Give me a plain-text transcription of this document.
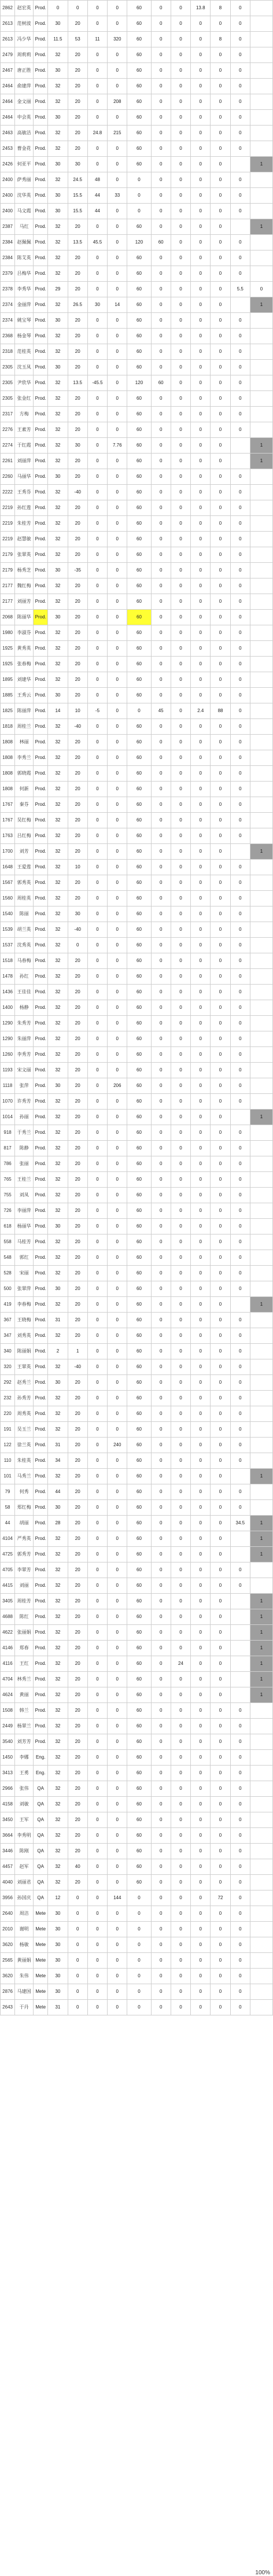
2862	赵宏英	Prod.	0	0	0	0	60	0	0	13.8	8	0	
2613	范树波	Prod.	30	20	0	0	60	0	0	0	0	0	
2613	冯少华	Prod.	11.5	53	11	320	60	0	0	0	8	0	
2479	周莉莉	Prod.	32	20	0	0	60	0	0	0	0	0	
2467	唐正胜	Prod.	30	20	0	0	60	0	0	0	0	0	
2464	俞建萍	Prod.	32	20	0	0	60	0	0	0	0	0	
2464	金文丽	Prod.	32	20	0	208	60	0	0	0	0	0	
2464	申会英	Prod.	30	20	0	0	60	0	0	0	0	0	
2463	高敏洁	Prod.	32	20	24.8	215	60	0	0	0	0	0	
2453	曹金花	Prod.	32	20	0	0	60	0	0	0	0	0	
2426	何亚平	Prod.	30	30	0	0	60	0	0	0	0		1
2400	萨秀丽	Prod.	32	24.5	48	0	0	0	0	0	0	0	
2400	沈华英	Prod.	30	15.5	44	33	0	0	0	0	0	0	
2400	马文霞	Prod.	30	15.5	44	0	0	0	0	0	0	0	
2387	马红	Prod.	32	20	0	0	60	0	0	0	0		1
2384	赵佩佩	Prod.	32	13.5	45.5	0	120	60	0	0	0	0	
2384	陈艾英	Prod.	32	20	0	0	60	0	0	0	0	0	
2379	吕梅华	Prod.	32	20	0	0	60	0	0	0	0	0	
2378	李秀华	Prod.	29	20	0	0	60	0	0	0	0	5.5	0
2374	金丽萍	Prod.	32	26.5	30	14	60	0	0	0	0		1
2374	姚宝琴	Prod.	30	20	0	0	60	0	0	0	0	0	
2368	杨金琴	Prod.	32	20	0	0	60	0	0	0	0	0	
2318	范桂英	Prod.	32	20	0	0	60	0	0	0	0	0	
2305	沈玉凤	Prod.	30	20	0	0	60	0	0	0	0	0	
2305	尹欣华	Prod.	32	13.5	-45.5	0	120	60	0	0	0	0	
2305	张金红	Prod.	32	20	0	0	60	0	0	0	0	0	
2317	方梅	Prod.	32	20	0	0	60	0	0	0	0	0	
2276	王素芳	Prod.	32	20	0	0	60	0	0	0	0	0	
2274	于红霞	Prod.	32	30	0	7.76	60	0	0	0	0		1
2261	刘丽萍	Prod.	32	20	0	0	60	0	0	0	0		1
2260	马丽华	Prod.	30	20	0	0	60	0	0	0	0	0	
2222	王秀芬	Prod.	32	-40	0	0	60	0	0	0	0	0	
2219	孙红莲	Prod.	32	20	0	0	60	0	0	0	0	0	
2219	朱桂芳	Prod.	32	20	0	0	60	0	0	0	0	0	
2219	赵慧敏	Prod.	32	20	0	0	60	0	0	0	0	0	
2179	张翠英	Prod.	32	20	0	0	60	0	0	0	0	0	
2179	杨秀芝	Prod.	30	-35	0	0	60	0	0	0	0	0	
2177	魏红梅	Prod.	32	20	0	0	60	0	0	0	0	0	
2177	刘丽芳	Prod.	32	20	0	0	60	0	0	0	0	0	
2068	陈丽华	Prod.	30	20	0	0	60	0	0	0	0	0	
1980	李淑芬	Prod.	32	20	0	0	60	0	0	0	0	0	
1925	黄秀英	Prod.	32	20	0	0	60	0	0	0	0	0	
1925	张春梅	Prod.	32	20	0	0	60	0	0	0	0	0	
1895	刘建华	Prod.	32	20	0	0	60	0	0	0	0	0	
1885	王秀云	Prod.	30	20	0	0	60	0	0	0	0	0	
1825	陈丽萍	Prod.	14	10	-5	0	0	45	0	2.4	88	0	
1818	周桂兰	Prod.	32	-40	0	0	60	0	0	0	0	0	
1808	林丽	Prod.	32	20	0	0	60	0	0	0	0	0	
1808	李秀兰	Prod.	32	20	0	0	60	0	0	0	0	0	
1808	郭晓霞	Prod.	32	20	0	0	60	0	0	0	0	0	
1808	何新	Prod.	32	20	0	0	60	0	0	0	0	0	
1767	秦芬	Prod.	32	20	0	0	60	0	0	0	0	0	
1767	吴红梅	Prod.	32	20	0	0	60	0	0	0	0	0	
1763	吕红梅	Prod.	32	20	0	0	60	0	0	0	0	0	
1700	刘芳	Prod.	32	20	0	0	60	0	0	0	0		1
1648	王爱莲	Prod.	32	10	0	0	60	0	0	0	0	0	
1567	郭秀英	Prod.	32	20	0	0	60	0	0	0	0	0	
1560	周桂英	Prod.	32	20	0	0	60	0	0	0	0	0	
1540	陈丽	Prod.	32	30	0	0	60	0	0	0	0	0	
1539	胡兰英	Prod.	32	-40	0	0	60	0	0	0	0	0	
1537	沈秀英	Prod.	32	0	0	0	60	0	0	0	0	0	
1518	马春梅	Prod.	32	20	0	0	60	0	0	0	0	0	
1478	孙红	Prod.	32	20	0	0	60	0	0	0	0	0	
1436	王佳佳	Prod.	32	20	0	0	60	0	0	0	0	0	
1400	杨静	Prod.	32	20	0	0	60	0	0	0	0	0	
1290	朱秀芳	Prod.	32	20	0	0	60	0	0	0	0	0	
1290	朱丽萍	Prod.	32	20	0	0	60	0	0	0	0	0	
1260	李秀芳	Prod.	32	20	0	0	60	0	0	0	0	0	
1193	宋文丽	Prod.	32	20	0	0	60	0	0	0	0	0	
1118	张萍	Prod.	30	20	0	206	60	0	0	0	0	0	
1070	许秀芳	Prod.	32	20	0	0	60	0	0	0	0	0	
1014	孙丽	Prod.	32	20	0	0	60	0	0	0	0		1
918	于秀兰	Prod.	32	20	0	0	60	0	0	0	0	0	
817	陈静	Prod.	32	20	0	0	60	0	0	0	0	0	
786	张丽	Prod.	32	20	0	0	60	0	0	0	0	0	
765	王桂兰	Prod.	32	20	0	0	60	0	0	0	0	0	
755	刘凤	Prod.	32	20	0	0	60	0	0	0	0	0	
726	李丽萍	Prod.	32	20	0	0	60	0	0	0	0	0	
618	杨丽华	Prod.	30	20	0	0	60	0	0	0	0	0	
558	马桂芳	Prod.	32	20	0	0	60	0	0	0	0	0	
548	郭红	Prod.	32	20	0	0	60	0	0	0	0	0	
528	宋丽	Prod.	32	20	0	0	60	0	0	0	0	0	
500	张翠萍	Prod.	30	20	0	0	60	0	0	0	0	0	
419	李春梅	Prod.	32	20	0	0	60	0	0	0	0		1
367	王晓梅	Prod.	31	20	0	0	60	0	0	0	0	0	
347	刘秀英	Prod.	32	20	0	0	60	0	0	0	0	0	
340	陈丽娟	Prod.	2	1	0	0	60	0	0	0	0	0	
320	王翠英	Prod.	32	-40	0	0	60	0	0	0	0	0	
292	赵秀兰	Prod.	30	20	0	0	60	0	0	0	0	0	
232	孙秀芳	Prod.	32	20	0	0	60	0	0	0	0	0	
220	周秀英	Prod.	32	20	0	0	60	0	0	0	0	0	
191	吴玉兰	Prod.	32	20	0	0	60	0	0	0	0	0	
122	徐兰英	Prod.	31	20	0	240	60	0	0	0	0	0	
110	朱桂英	Prod.	34	20	0	0	60	0	0	0	0	0	
101	马秀兰	Prod.	32	20	0	0	60	0	0	0	0		1
79	何秀	Prod.	44	20	0	0	60	0	0	0	0	0	
58	郑红梅	Prod.	30	20	0	0	60	0	0	0	0	0	
44	胡丽	Prod.	28	20	0	0	60	0	0	0	0	34.5	1
4104	严秀英	Prod.	32	20	0	0	60	0	0	0	0		1
4725	郭秀芳	Prod.	32	20	0	0	60	0	0	0	0		1
4705	李翠芳	Prod.	32	20	0	0	60	0	0	0	0	0	
4415	刘丽	Prod.	32	20	0	0	60	0	0	0	0	0	
3405	周桂芳	Prod.	32	20	0	0	60	0	0	0	0		1
4688	陈红	Prod.	32	20	0	0	60	0	0	0	0		1
4622	张丽娟	Prod.	32	20	0	0	60	0	0	0	0		1
4146	郑春	Prod.	32	20	0	0	60	0	0	0	0		1
4116	王红	Prod.	32	20	0	0	60	0	24	0	0		1
4704	林秀兰	Prod.	32	20	0	0	60	0	0	0	0		1
4624	黄丽	Prod.	32	20	0	0	60	0	0	0	0		1
1508	韩兰	Prod.	32	20	0	0	60	0	0	0	0	0	
2449	杨翠兰	Prod.	32	20	0	0	60	0	0	0	0	0	
3540	刘芳芳	Prod.	32	20	0	0	60	0	0	0	0	0	
1450	李娜	Eng.	32	20	0	0	60	0	0	0	0	0	
3413	王勇	Eng.	32	20	0	0	60	0	0	0	0	0	
2966	张伟	QA	32	20	0	0	60	0	0	0	0	0	
4158	刘敏	QA	32	20	0	0	60	0	0	0	0	0	
3450	王军	QA	32	20	0	0	60	0	0	0	0	0	
3664	李秀明	QA	32	20	0	0	60	0	0	0	0	0	
3446	陈刚	QA	32	20	0	0	60	0	0	0	0	0	
4457	赵军	QA	32	40	0	0	60	0	0	0	0	0	
4040	刘丽君	QA	32	20	0	0	60	0	0	0	0	0	
3956	孙国庆	QA	12	0	0	144	0	0	0	0	72	0	
2640	周洁	Mete	30	0	0	0	0	0	0	0	0	0	
2010	谢明	Mete	30	0	0	0	0	0	0	0	0	0	
3620	杨敏	Mete	30	0	0	0	0	0	0	0	0	0	
2565	黄丽娟	Mete	30	0	0	0	0	0	0	0	0	0	
3620	朱伟	Mete	30	0	0	0	0	0	0	0	0	0	
2876	马建国	Mete	30	0	0	0	0	0	0	0	0	0	
2643	于丹	Mete	31	0	0	0	0	0	0	0	0	0	
100%
